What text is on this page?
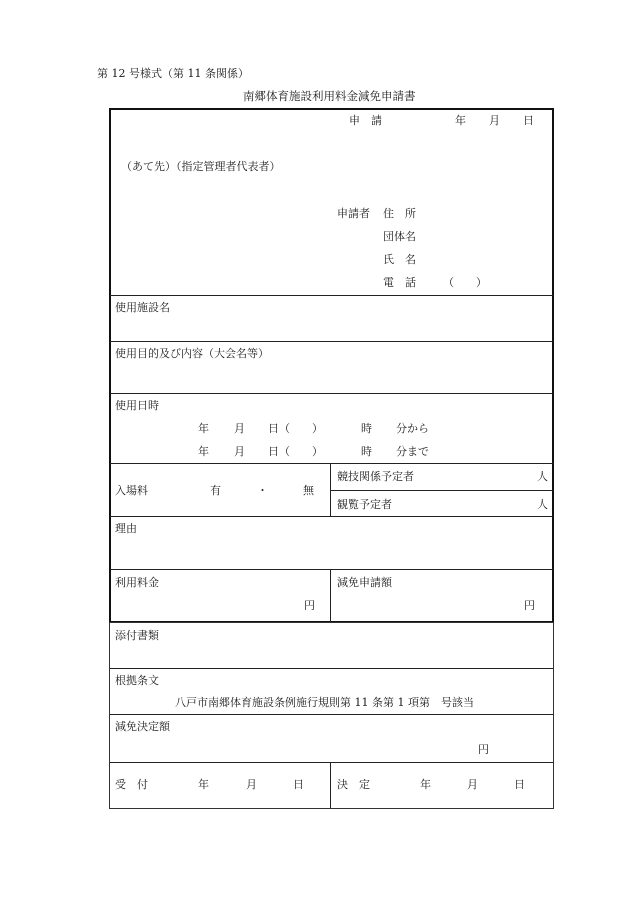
第 12 号様式（第 11 条関係）
南郷体育施設利用料金減免申請書
申　請	年 月 日
（あて先）（指定管理者代表者）
申請者 住　所
団体名
氏　名
電　話 （　　）
使用施設名
使用目的及び内容（大会名等）
使用日時
年 月 日（　　）	時 分から
年 月 日（　　）	時 分まで
入場料	有	・	無
競技関係予定者	人
観覧予定者	人
理由
利用料金
円
減免申請額
円
添付書類
根拠条文
八戸市南郷体育施設条例施行規則第 11 条第 1 項第　号該当
減免決定額
円
受　付	年	月	日	決　定	年	月	日
